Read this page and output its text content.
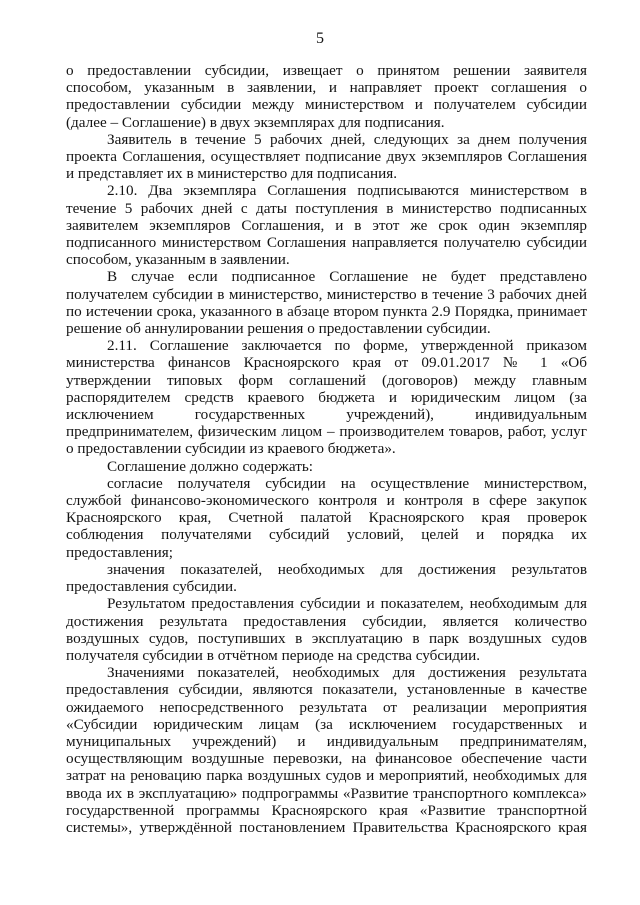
5

о предоставлении субсидии, извещает о принятом решении заявителя способом, указанным в заявлении, и направляет проект соглашения о предоставлении субсидии между министерством и получателем субсидии (далее – Соглашение) в двух экземплярах для подписания.

Заявитель в течение 5 рабочих дней, следующих за днем получения проекта Соглашения, осуществляет подписание двух экземпляров Соглашения и представляет их в министерство для подписания.

2.10. Два экземпляра Соглашения подписываются министерством в течение 5 рабочих дней с даты поступления в министерство подписанных заявителем экземпляров Соглашения, и в этот же срок один экземпляр подписанного министерством Соглашения направляется получателю субсидии способом, указанным в заявлении.

В случае если подписанное Соглашение не будет представлено получателем субсидии в министерство, министерство в течение 3 рабочих дней по истечении срока, указанного в абзаце втором пункта 2.9 Порядка, принимает решение об аннулировании решения о предоставлении субсидии.

2.11. Соглашение заключается по форме, утвержденной приказом министерства финансов Красноярского края от 09.01.2017 № 1 «Об утверждении типовых форм соглашений (договоров) между главным распорядителем средств краевого бюджета и юридическим лицом (за исключением государственных учреждений), индивидуальным предпринимателем, физическим лицом – производителем товаров, работ, услуг о предоставлении субсидии из краевого бюджета».

Соглашение должно содержать:

согласие получателя субсидии на осуществление министерством, службой финансово-экономического контроля и контроля в сфере закупок Красноярского края, Счетной палатой Красноярского края проверок соблюдения получателями субсидий условий, целей и порядка их предоставления;

значения показателей, необходимых для достижения результатов предоставления субсидии.

Результатом предоставления субсидии и показателем, необходимым для достижения результата предоставления субсидии, является количество воздушных судов, поступивших в эксплуатацию в парк воздушных судов получателя субсидии в отчётном периоде на средства субсидии.

Значениями показателей, необходимых для достижения результата предоставления субсидии, являются показатели, установленные в качестве ожидаемого непосредственного результата от реализации мероприятия «Субсидии юридическим лицам (за исключением государственных и муниципальных учреждений) и индивидуальным предпринимателям, осуществляющим воздушные перевозки, на финансовое обеспечение части затрат на реновацию парка воздушных судов и мероприятий, необходимых для ввода их в эксплуатацию» подпрограммы «Развитие транспортного комплекса» государственной программы Красноярского края «Развитие транспортной системы», утверждённой постановлением Правительства Красноярского края
